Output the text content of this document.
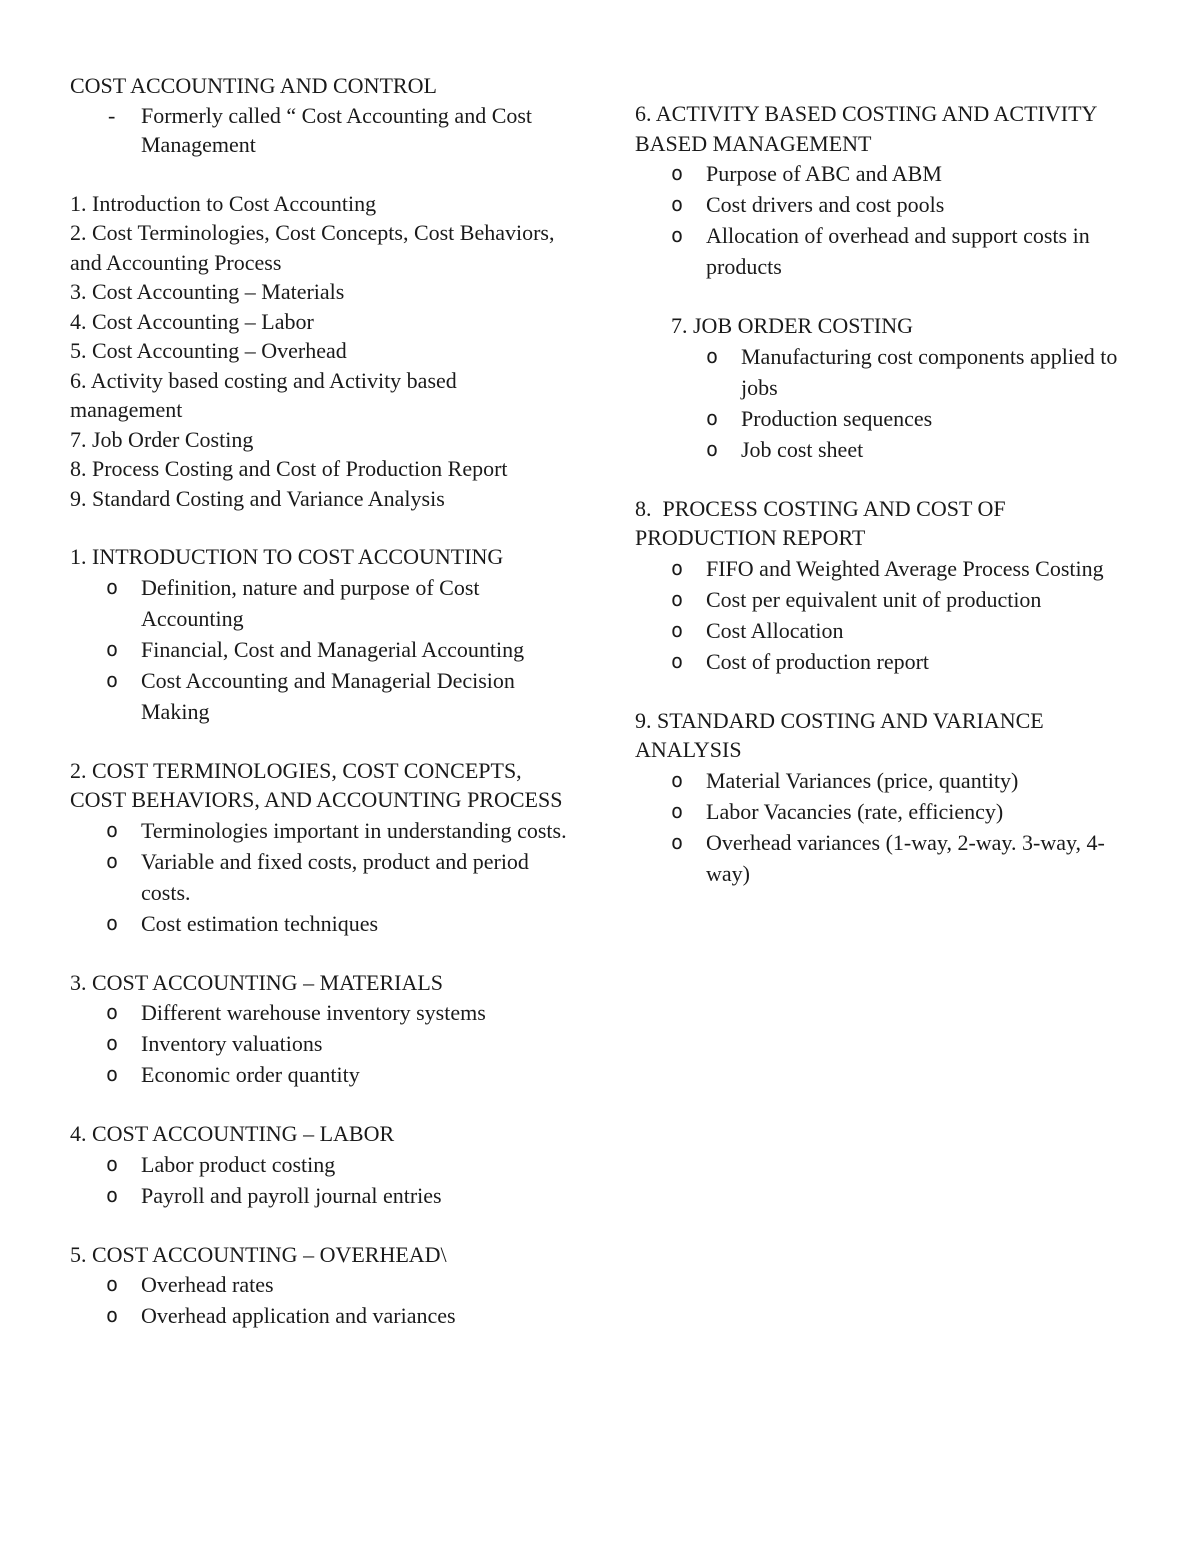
COST ACCOUNTING AND CONTROL
- Formerly called “ Cost Accounting and Cost Management
1. Introduction to Cost Accounting
2. Cost Terminologies, Cost Concepts, Cost Behaviors, and Accounting Process
3. Cost Accounting – Materials
4. Cost Accounting – Labor
5. Cost Accounting – Overhead
6. Activity based costing and Activity based management
7. Job Order Costing
8. Process Costing and Cost of Production Report
9. Standard Costing and Variance Analysis
1. INTRODUCTION TO COST ACCOUNTING
o Definition, nature and purpose of Cost Accounting
o Financial, Cost and Managerial Accounting
o Cost Accounting and Managerial Decision Making
2. COST TERMINOLOGIES, COST CONCEPTS, COST BEHAVIORS, AND ACCOUNTING PROCESS
o Terminologies important in understanding costs.
o Variable and fixed costs, product and period costs.
o Cost estimation techniques
3. COST ACCOUNTING – MATERIALS
o Different warehouse inventory systems
o Inventory valuations
o Economic order quantity
4. COST ACCOUNTING – LABOR
o Labor product costing
o Payroll and payroll journal entries
5. COST ACCOUNTING – OVERHEAD\
o Overhead rates
o Overhead application and variances
6. ACTIVITY BASED COSTING AND ACTIVITY BASED MANAGEMENT
o Purpose of ABC and ABM
o Cost drivers and cost pools
o Allocation of overhead and support costs in products
7. JOB ORDER COSTING
o Manufacturing cost components applied to jobs
o Production sequences
o Job cost sheet
8.  PROCESS COSTING AND COST OF PRODUCTION REPORT
o FIFO and Weighted Average Process Costing
o Cost per equivalent unit of production
o Cost Allocation
o Cost of production report
9. STANDARD COSTING AND VARIANCE ANALYSIS
o Material Variances (price, quantity)
o Labor Vacancies (rate, efficiency)
o Overhead variances (1-way, 2-way. 3-way, 4-way)
